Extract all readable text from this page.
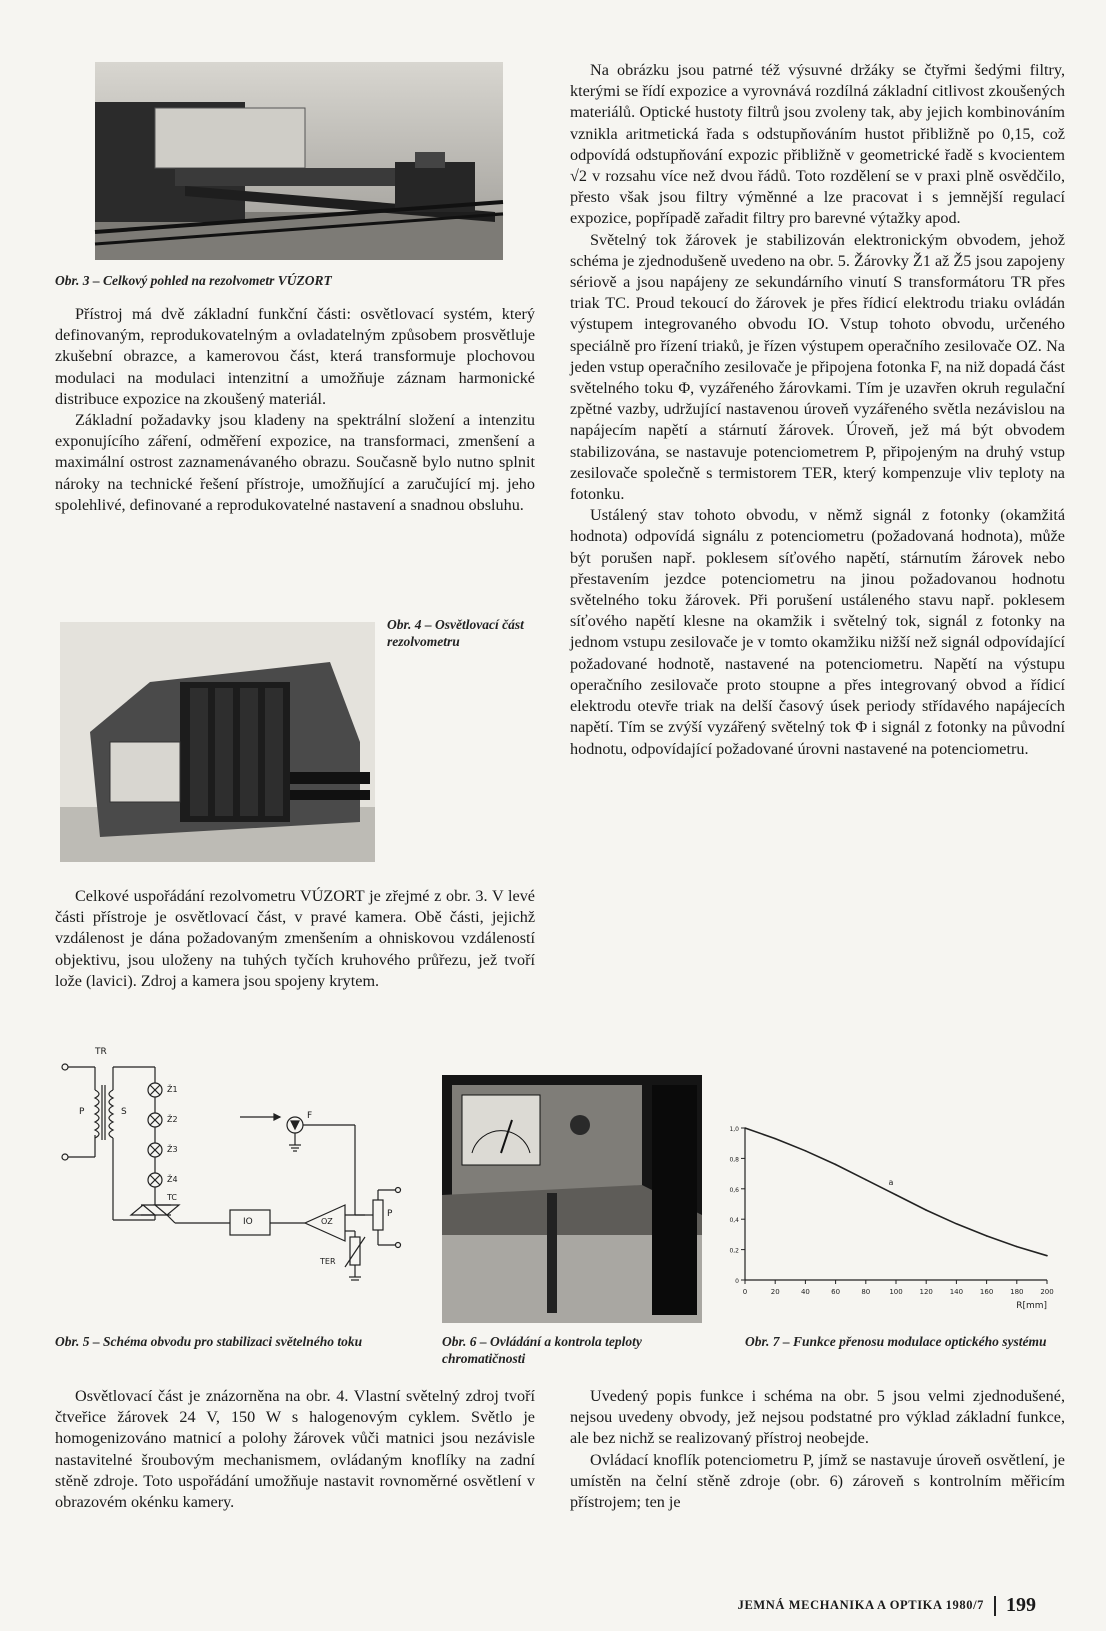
Obr. 3 – Celkový pohled na rezolvometr VÚZORT

Přístroj má dvě základní funkční části: osvětlovací systém, který definovaným, reprodukovatelným a ovladatelným způsobem prosvětluje zkušební obrazce, a kamerovou část, která transformuje plochovou modulaci na modulaci intenzitní a umožňuje záznam harmonické distribuce expozice na zkoušený materiál.

Základní požadavky jsou kladeny na spektrální složení a intenzitu exponujícího záření, odměření expozice, na transformaci, zmenšení a maximální ostrost zaznamenávaného obrazu. Současně bylo nutno splnit nároky na technické řešení přístroje, umožňující a zaručující mj. jeho spolehlivé, definované a reprodukovatelné nastavení a snadnou obsluhu.

Obr. 4 – Osvětlovací část rezolvometru

Celkové uspořádání rezolvometru VÚZORT je zřejmé z obr. 3. V levé části přístroje je osvětlovací část, v pravé kamera. Obě části, jejichž vzdálenost je dána požadovaným zmenšením a ohniskovou vzdáleností objektivu, jsou uloženy na tuhých tyčích kruhového průřezu, jež tvoří lože (lavici). Zdroj a kamera jsou spojeny krytem.

Na obrázku jsou patrné též výsuvné držáky se čtyřmi šedými filtry, kterými se řídí expozice a vyrovnává rozdílná základní citlivost zkoušených materiálů. Optické hustoty filtrů jsou zvoleny tak, aby jejich kombinováním vznikla aritmetická řada s odstupňováním hustot přibližně po 0,15, což odpovídá odstupňování expozic přibližně v geometrické řadě s kvocientem √2 v rozsahu více než dvou řádů. Toto rozdělení se v praxi plně osvědčilo, přesto však jsou filtry výměnné a lze pracovat i s jemnější regulací expozice, popřípadě zařadit filtry pro barevné výtažky apod.

Světelný tok žárovek je stabilizován elektronickým obvodem, jehož schéma je zjednodušeně uvedeno na obr. 5. Žárovky Ž1 až Ž5 jsou zapojeny sériově a jsou napájeny ze sekundárního vinutí S transformátoru TR přes triak TC. Proud tekoucí do žárovek je přes řídicí elektrodu triaku ovládán výstupem integrovaného obvodu IO. Vstup tohoto obvodu, určeného speciálně pro řízení triaků, je řízen výstupem operačního zesilovače OZ. Na jeden vstup operačního zesilovače je připojena fotonka F, na niž dopadá část světelného toku Φ, vyzářeného žárovkami. Tím je uzavřen okruh regulační zpětné vazby, udržující nastavenou úroveň vyzářeného světla nezávislou na napájecím napětí a stárnutí žárovek. Úroveň, jež má být obvodem stabilizována, se nastavuje potenciometrem P, připojeným na druhý vstup zesilovače společně s termistorem TER, který kompenzuje vliv teploty na fotonku.

Ustálený stav tohoto obvodu, v němž signál z fotonky (okamžitá hodnota) odpovídá signálu z potenciometru (požadovaná hodnota), může být porušen např. poklesem síťového napětí, stárnutím žárovek nebo přestavením jezdce potenciometru na jinou požadovanou hodnotu světelného toku žárovek. Při porušení ustáleného stavu např. poklesem síťového napětí klesne na okamžik i světelný tok, signál z fotonky na jednom vstupu zesilovače je v tomto okamžiku nižší než signál odpovídající požadované hodnotě, nastavené na potenciometru. Napětí na výstupu operačního zesilovače proto stoupne a přes integrovaný obvod a řídicí elektrodu otevře triak na delší časový úsek periody střídavého napájecích napětí. Tím se zvýší vyzářený světelný tok Φ i signál z fotonky na původní hodnotu, odpovídající požadované úrovni nastavené na potenciometru.

TR
P	S
Ž1
Ž2
Ž3
Ž4
TC
IO	OZ
F
P
TER
Obr. 5 – Schéma obvodu pro stabilizaci světelného toku	Obr. 6 – Ovládání a kontrola teploty chromatičnosti
0	20	40	60	80	100 120 140 160 180 200
0
0,2
0,4
0,6
0,8
1,0
a
R[mm]
Obr. 7 – Funkce přenosu modulace optického systému

Osvětlovací část je znázorněna na obr. 4. Vlastní světelný zdroj tvoří čtveřice žárovek 24 V, 150 W s halogenovým cyklem. Světlo je homogenizováno matnicí a polohy žárovek vůči matnici jsou nezávisle nastavitelné šroubovým mechanismem, ovládaným knoflíky na zadní stěně zdroje. Toto uspořádání umožňuje nastavit rovnoměrné osvětlení v obrazovém okénku kamery.

Uvedený popis funkce i schéma na obr. 5 jsou velmi zjednodušené, nejsou uvedeny obvody, jež nejsou podstatné pro výklad základní funkce, ale bez nichž se realizovaný přístroj neobejde.

Ovládací knoflík potenciometru P, jímž se nastavuje úroveň osvětlení, je umístěn na čelní stěně zdroje (obr. 6) zároveň s kontrolním měřicím přístrojem; ten je

JEMNÁ MECHANIKA A OPTIKA 1980/7 199
